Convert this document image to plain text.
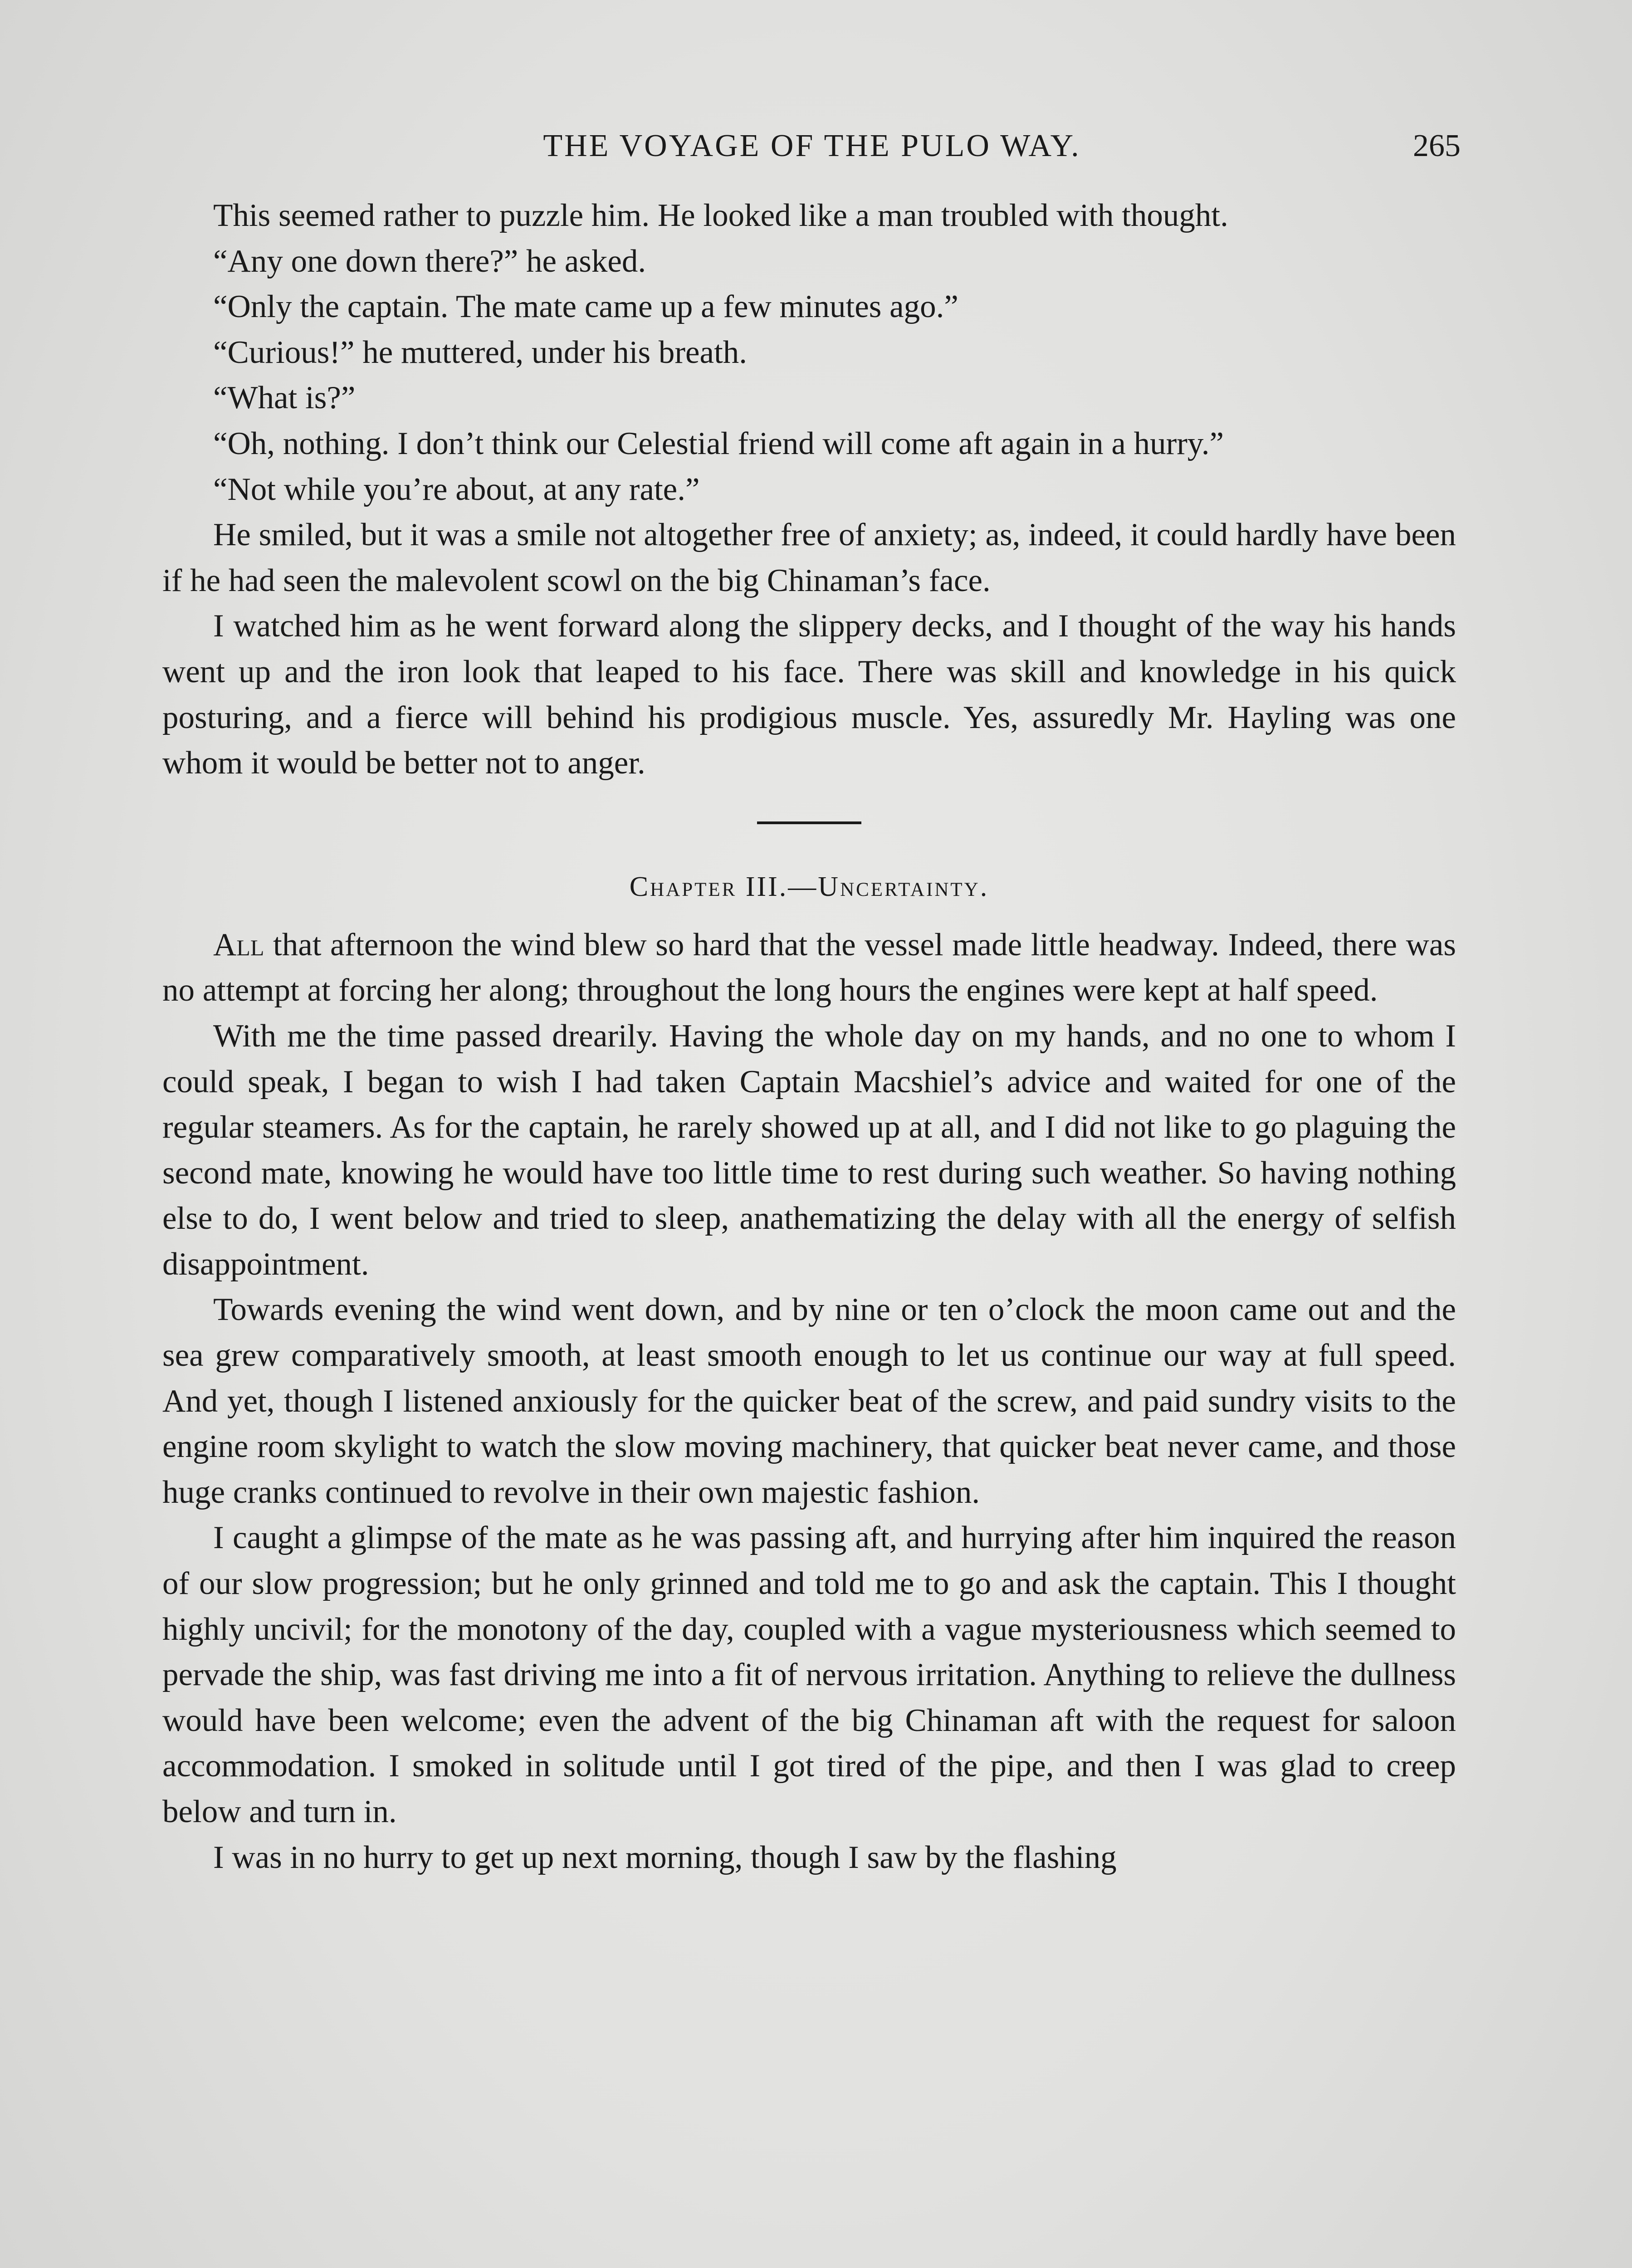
THE VOYAGE OF THE PULO WAY.	265

This seemed rather to puzzle him. He looked like a man troubled with thought.

“Any one down there?” he asked.

“Only the captain. The mate came up a few minutes ago.”

“Curious!” he muttered, under his breath.

“What is?”

“Oh, nothing. I don’t think our Celestial friend will come aft again in a hurry.”

“Not while you’re about, at any rate.”

He smiled, but it was a smile not altogether free of anxiety; as, indeed, it could hardly have been if he had seen the malevolent scowl on the big Chinaman’s face.

I watched him as he went forward along the slippery decks, and I thought of the way his hands went up and the iron look that leaped to his face. There was skill and knowledge in his quick posturing, and a fierce will behind his prodigious muscle. Yes, assuredly Mr. Hayling was one whom it would be better not to anger.

Chapter III.—Uncertainty.

All that afternoon the wind blew so hard that the vessel made little headway. Indeed, there was no attempt at forcing her along; throughout the long hours the engines were kept at half speed.

With me the time passed drearily. Having the whole day on my hands, and no one to whom I could speak, I began to wish I had taken Captain Macshiel’s advice and waited for one of the regular steamers. As for the captain, he rarely showed up at all, and I did not like to go plaguing the second mate, knowing he would have too little time to rest during such weather. So having nothing else to do, I went below and tried to sleep, anathematizing the delay with all the energy of selfish disappointment.

Towards evening the wind went down, and by nine or ten o’clock the moon came out and the sea grew comparatively smooth, at least smooth enough to let us continue our way at full speed. And yet, though I listened anxiously for the quicker beat of the screw, and paid sundry visits to the engine room skylight to watch the slow moving machinery, that quicker beat never came, and those huge cranks continued to revolve in their own majestic fashion.

I caught a glimpse of the mate as he was passing aft, and hurrying after him inquired the reason of our slow progression; but he only grinned and told me to go and ask the captain. This I thought highly uncivil; for the monotony of the day, coupled with a vague mysteriousness which seemed to pervade the ship, was fast driving me into a fit of nervous irritation. Anything to relieve the dullness would have been welcome; even the advent of the big Chinaman aft with the request for saloon accommodation. I smoked in solitude until I got tired of the pipe, and then I was glad to creep below and turn in.

I was in no hurry to get up next morning, though I saw by the flashing
